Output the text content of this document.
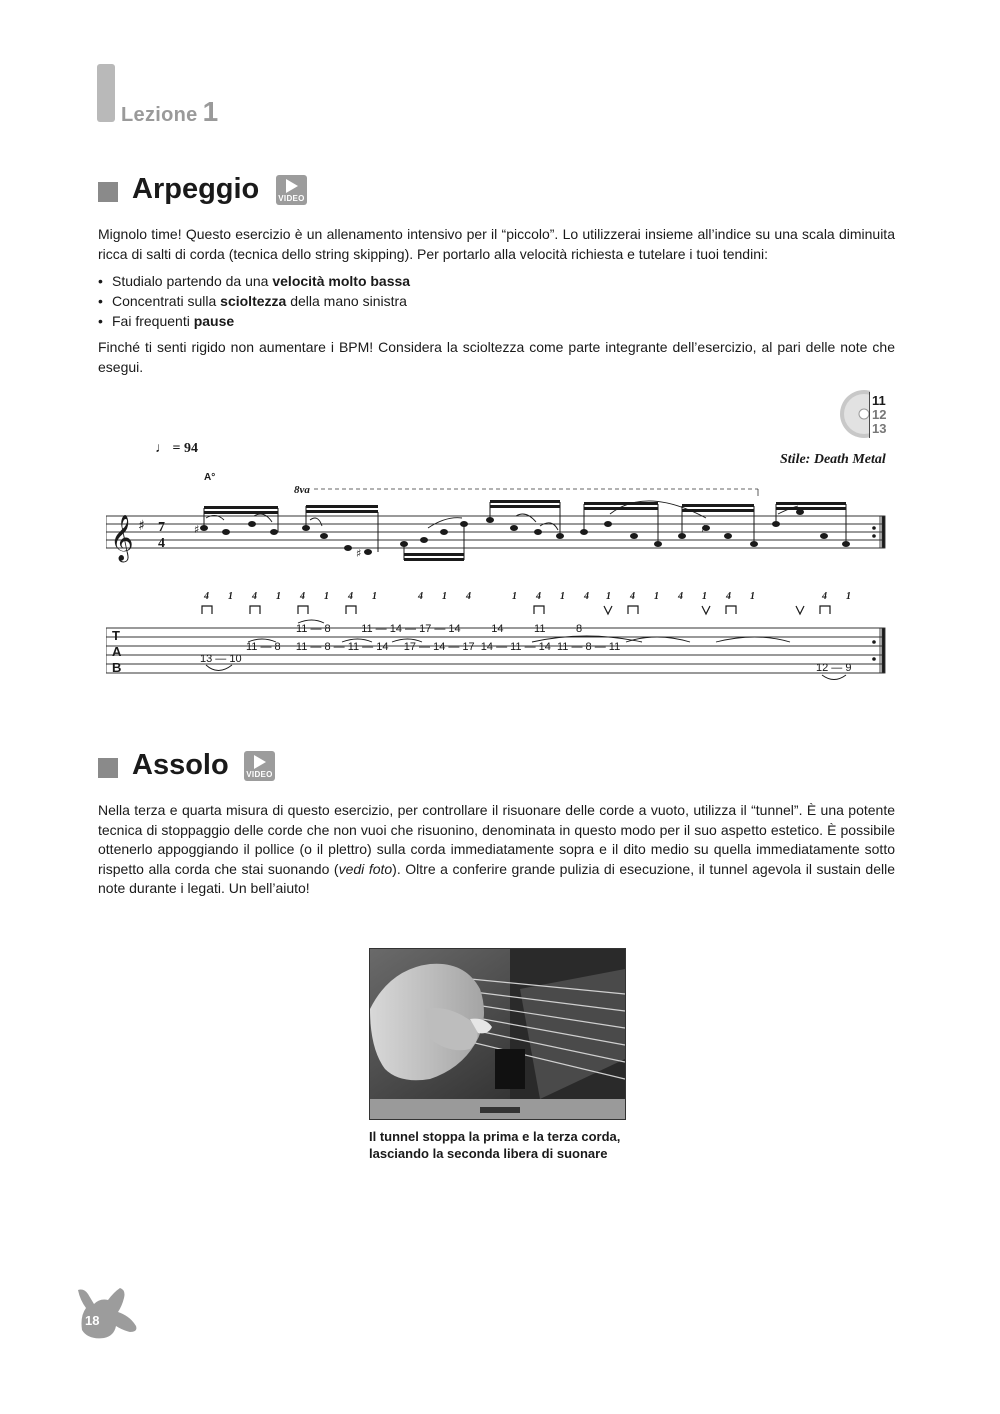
Lezione 1
Arpeggio VIDEO

Mignolo time! Questo esercizio è un allenamento intensivo per il “piccolo”. Lo utilizzerai insieme all’indice su una scala diminuita ricca di salti di corda (tecnica dello string skipping). Per portarlo alla velocità richiesta e tutelare i tuoi tendini:

• Studialo partendo da una velocità molto bassa
• Concentrati sulla scioltezza della mano sinistra
• Fai frequenti pause

Finché ti senti rigido non aumentare i BPM! Considera la scioltezza come parte integrante dell’esercizio, al pari delle note che esegui.

11
12
13
♩ = 94
Stile: Death Metal
A°
8va
𝄞 ♯ 7
4
♯
♯
/
4 1 4 1 4 1 4 1	4 1 4	1 4 1 4 1 4 1 4 1 4 1	4 1
T
A
B
11 — 8          11 — 14 — 17 — 14          14          11          8
11 — 8     11 — 8 — 11 — 14     17 — 14 — 17  14 — 11 — 14  11 — 8 — 11
13 — 10
12 — 9
Assolo VIDEO

Nella terza e quarta misura di questo esercizio, per controllare il risuonare delle corde a vuoto, utilizza il “tunnel”. È una potente tecnica di stoppaggio delle corde che non vuoi che risuonino, denominata in questo modo per il suo aspetto estetico. È possibile ottenerlo appoggiando il pollice (o il plettro) sulla corda immediatamente sopra e il dito medio su quella immediatamente sotto rispetto alla corda che stai suonando (vedi foto). Oltre a conferire grande pulizia di esecuzione, il tunnel agevola il sustain delle note durante i legati. Un bell’aiuto!

Il tunnel stoppa la prima e la terza corda,
lasciando la seconda libera di suonare
18
